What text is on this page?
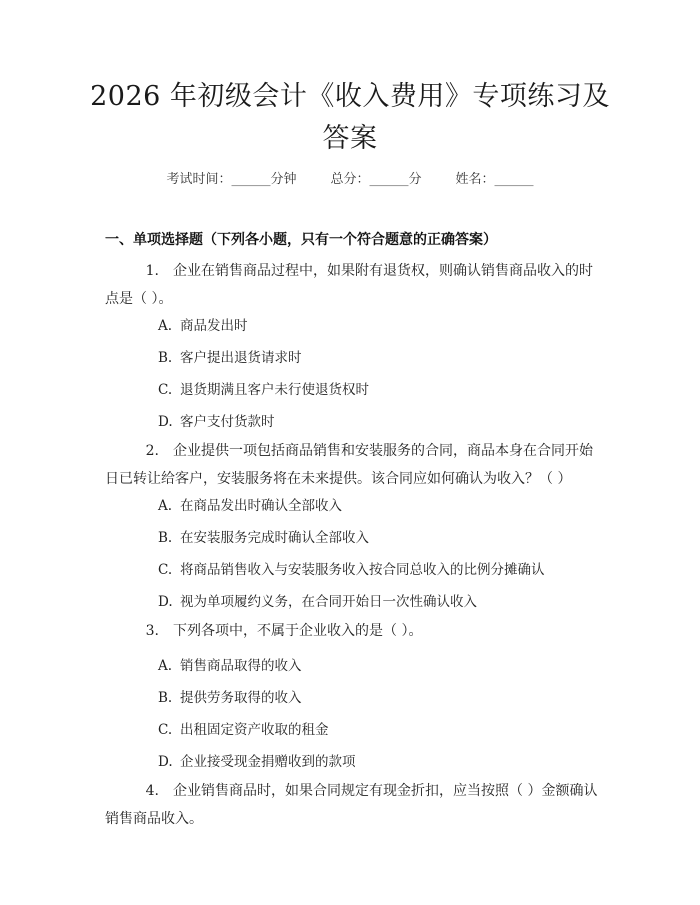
2026 年初级会计《收入费用》专项练习及答案
考试时间：______分钟	总分：______分	姓名：______
一、单项选择题（下列各小题，只有一个符合题意的正确答案）
1. 企业在销售商品过程中，如果附有退货权，则确认销售商品收入的时点是（ ）。
A. 商品发出时
B. 客户提出退货请求时
C. 退货期满且客户未行使退货权时
D. 客户支付货款时
2. 企业提供一项包括商品销售和安装服务的合同，商品本身在合同开始日已转让给客户，安装服务将在未来提供。该合同应如何确认为收入？（ ）
A. 在商品发出时确认全部收入
B. 在安装服务完成时确认全部收入
C. 将商品销售收入与安装服务收入按合同总收入的比例分摊确认
D. 视为单项履约义务，在合同开始日一次性确认收入
3. 下列各项中，不属于企业收入的是（ ）。
A. 销售商品取得的收入
B. 提供劳务取得的收入
C. 出租固定资产收取的租金
D. 企业接受现金捐赠收到的款项
4. 企业销售商品时，如果合同规定有现金折扣，应当按照（ ）金额确认销售商品收入。
